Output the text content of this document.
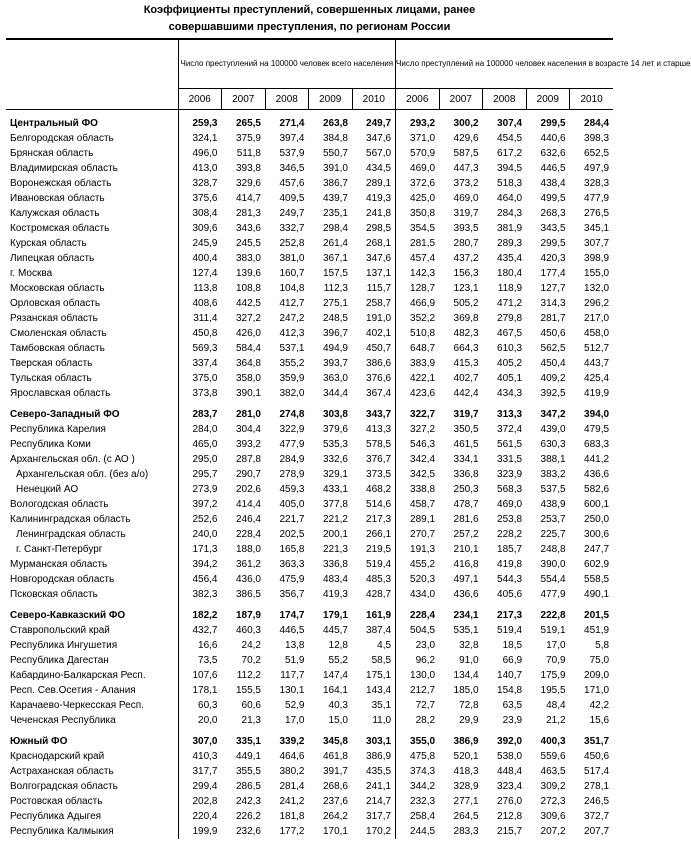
Коэффициенты преступлений, совершенных лицами, ранее
совершавшими преступления, по регионам России
	Число преступлений на 100000 человек всего населения					Число преступлений на 100000 человек населения в возрасте 14 лет и старше				
	2006	2007	2008	2009	2010	2006	2007	2008	2009	2010
Центральный ФО	259,3	265,5	271,4	263,8	249,7	293,2	300,2	307,4	299,5	284,4
Белгородская область	324,1	375,9	397,4	384,8	347,6	371,0	429,6	454,5	440,6	398,3
Брянская область	496,0	511,8	537,9	550,7	567,0	570,9	587,5	617,2	632,6	652,5
Владимирская область	413,0	393,8	346,5	391,0	434,5	469,0	447,3	394,5	446,5	497,9
Воронежская область	328,7	329,6	457,6	386,7	289,1	372,6	373,2	518,3	438,4	328,3
Ивановская область	375,6	414,7	409,5	439,7	419,3	425,0	469,0	464,0	499,5	477,9
Калужская область	308,4	281,3	249,7	235,1	241,8	350,8	319,7	284,3	268,3	276,5
Костромская область	309,6	343,6	332,7	298,4	298,5	354,5	393,5	381,9	343,5	345,1
Курская область	245,9	245,5	252,8	261,4	268,1	281,5	280,7	289,3	299,5	307,7
Липецкая область	400,4	383,0	381,0	367,1	347,6	457,4	437,2	435,4	420,3	398,9
г. Москва	127,4	139,6	160,7	157,5	137,1	142,3	156,3	180,4	177,4	155,0
Московская область	113,8	108,8	104,8	112,3	115,7	128,7	123,1	118,9	127,7	132,0
Орловская область	408,6	442,5	412,7	275,1	258,7	466,9	505,2	471,2	314,3	296,2
Рязанская область	311,4	327,2	247,2	248,5	191,0	352,2	369,8	279,8	281,7	217,0
Смоленская область	450,8	426,0	412,3	396,7	402,1	510,8	482,3	467,5	450,6	458,0
Тамбовская область	569,3	584,4	537,1	494,9	450,7	648,7	664,3	610,3	562,5	512,7
Тверская область	337,4	364,8	355,2	393,7	386,6	383,9	415,3	405,2	450,4	443,7
Тульская область	375,0	358,0	359,9	363,0	376,6	422,1	402,7	405,1	409,2	425,4
Ярославская область	373,8	390,1	382,0	344,4	367,4	423,6	442,4	434,3	392,5	419,9

Северо-Западный ФО	283,7	281,0	274,8	303,8	343,7	322,7	319,7	313,3	347,2	394,0
Республика Карелия	284,0	304,4	322,9	379,6	413,3	327,2	350,5	372,4	439,0	479,5
Республика Коми	465,0	393,2	477,9	535,3	578,5	546,3	461,5	561,5	630,3	683,3
Архангельская обл. (с АО )	295,0	287,8	284,9	332,6	376,7	342,4	334,1	331,5	388,1	441,2
Архангельская обл. (без а/о)	295,7	290,7	278,9	329,1	373,5	342,5	336,8	323,9	383,2	436,6
Ненецкий АО	273,9	202,6	459,3	433,1	468,2	338,8	250,3	568,3	537,5	582,6
Вологодская область	397,2	414,4	405,0	377,8	514,6	458,7	478,7	469,0	438,9	600,1
Калининградская область	252,6	246,4	221,7	221,2	217,3	289,1	281,6	253,8	253,7	250,0
Ленинградская область	240,0	228,4	202,5	200,1	266,1	270,7	257,2	228,2	225,7	300,6
г. Санкт-Петербург	171,3	188,0	165,8	221,3	219,5	191,3	210,1	185,7	248,8	247,7
Мурманская область	394,2	361,2	363,3	336,8	519,4	455,2	416,8	419,8	390,0	602,9
Новгородская область	456,4	436,0	475,9	483,4	485,3	520,3	497,1	544,3	554,4	558,5
Псковская область	382,3	386,5	356,7	419,3	428,7	434,0	436,6	405,6	477,9	490,1

Северо-Кавказский ФО	182,2	187,9	174,7	179,1	161,9	228,4	234,1	217,3	222,8	201,5
Ставропольский край	432,7	460,3	446,5	445,7	387,4	504,5	535,1	519,4	519,1	451,9
Республика Ингушетия	16,6	24,2	13,8	12,8	4,5	23,0	32,8	18,5	17,0	5,8
Республика Дагестан	73,5	70,2	51,9	55,2	58,5	96,2	91,0	66,9	70,9	75,0
Кабардино-Балкарская Респ.	107,6	112,2	117,7	147,4	175,1	130,0	134,4	140,7	175,9	209,0
Респ. Сев.Осетия - Алания	178,1	155,5	130,1	164,1	143,4	212,7	185,0	154,8	195,5	171,0
Карачаево-Черкесская Респ.	60,3	60,6	52,9	40,3	35,1	72,7	72,8	63,5	48,4	42,2
Чеченская Республика	20,0	21,3	17,0	15,0	11,0	28,2	29,9	23,9	21,2	15,6

Южный ФО	307,0	335,1	339,2	345,8	303,1	355,0	386,9	392,0	400,3	351,7
Краснодарский край	410,3	449,1	464,6	461,8	386,9	475,8	520,1	538,0	559,6	450,6
Астраханская область	317,7	355,5	380,2	391,7	435,5	374,3	418,3	448,4	463,5	517,4
Волгоградская область	299,4	286,5	281,4	268,6	241,1	344,2	328,9	323,4	309,2	278,1
Ростовская область	202,8	242,3	241,2	237,6	214,7	232,3	277,1	276,0	272,3	246,5
Республика Адыгея	220,4	226,2	181,8	264,2	317,7	258,4	264,5	212,8	309,6	372,7
Республика Калмыкия	199,9	232,6	177,2	170,1	170,2	244,5	283,3	215,7	207,2	207,7
